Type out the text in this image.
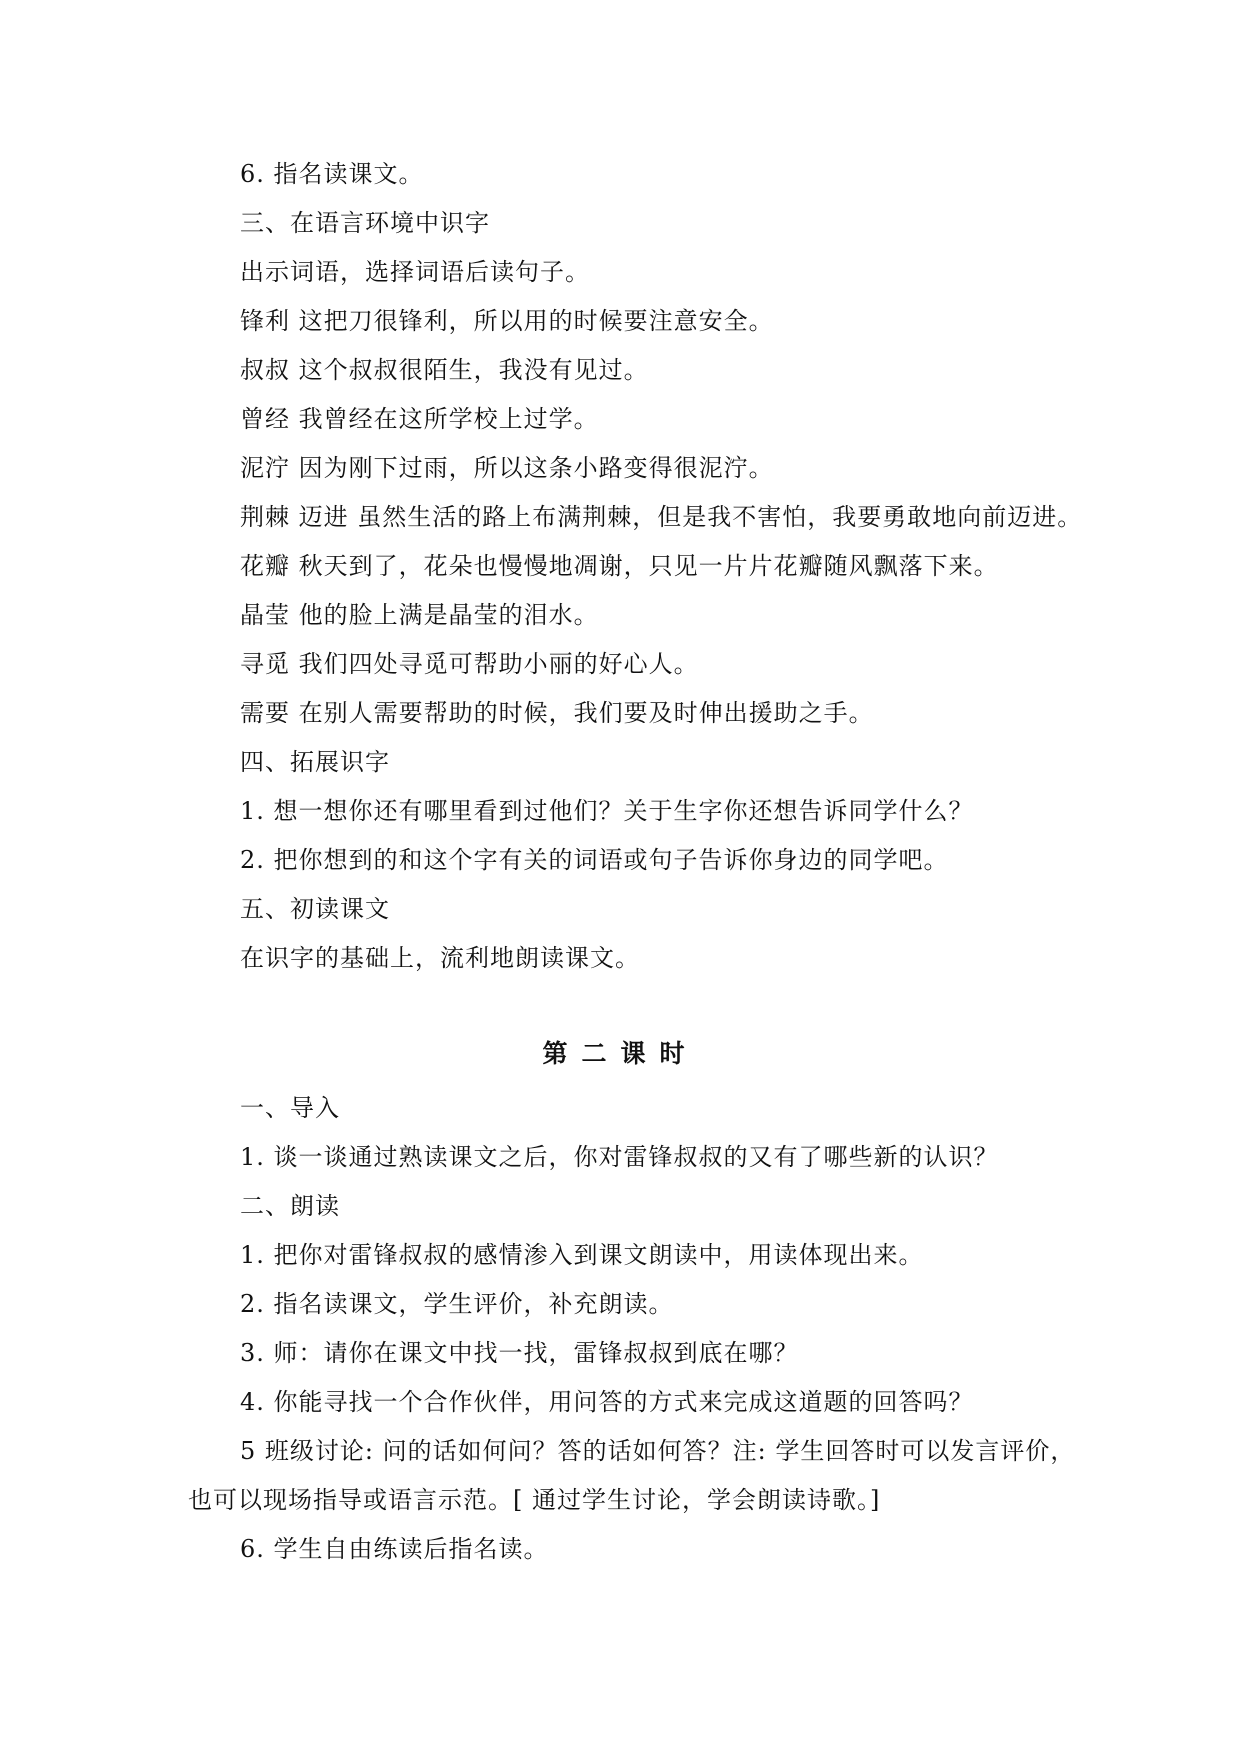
6. 指名读课文。
三、在语言环境中识字
出示词语，选择词语后读句子。
锋利 这把刀很锋利，所以用的时候要注意安全。
叔叔 这个叔叔很陌生，我没有见过。
曾经 我曾经在这所学校上过学。
泥泞 因为刚下过雨，所以这条小路变得很泥泞。
荆棘 迈进 虽然生活的路上布满荆棘，但是我不害怕，我要勇敢地向前迈进。
花瓣 秋天到了，花朵也慢慢地凋谢，只见一片片花瓣随风飘落下来。
晶莹 他的脸上满是晶莹的泪水。
寻觅 我们四处寻觅可帮助小丽的好心人。
需要 在别人需要帮助的时候，我们要及时伸出援助之手。
四、拓展识字
1. 想一想你还有哪里看到过他们？关于生字你还想告诉同学什么？
2. 把你想到的和这个字有关的词语或句子告诉你身边的同学吧。
五、初读课文
在识字的基础上，流利地朗读课文。
第二课时
一、导入
1. 谈一谈通过熟读课文之后，你对雷锋叔叔的又有了哪些新的认识？
二、朗读
1. 把你对雷锋叔叔的感情渗入到课文朗读中，用读体现出来。
2. 指名读课文，学生评价，补充朗读。
3. 师：请你在课文中找一找，雷锋叔叔到底在哪？
4. 你能寻找一个合作伙伴，用问答的方式来完成这道题的回答吗？
5 班级讨论: 问的话如何问？答的话如何答？注: 学生回答时可以发言评价，
也可以现场指导或语言示范。[ 通过学生讨论，学会朗读诗歌。]
6. 学生自由练读后指名读。
